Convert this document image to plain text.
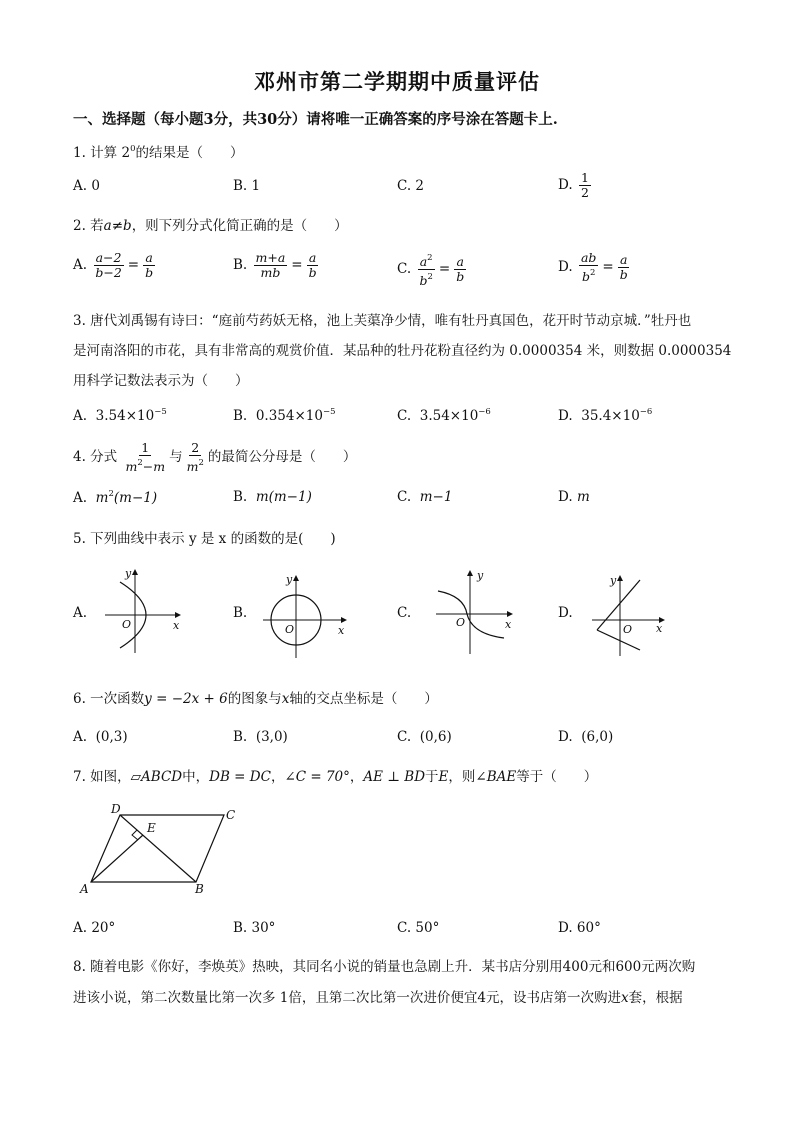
邓州市第二学期期中质量评估
一、选择题（每小题3分，共30分）请将唯一正确答案的序号涂在答题卡上.
1. 计算 $2^0$的结果是（　　）
A. 0	B. 1	C. 2	D. $\frac{1}{2}$
2. 若a≠b，则下列分式化简正确的是（　　）
A. $\frac{a-2}{b-2} = \frac{a}{b}$	B. $\frac{m+a}{mb} = \frac{a}{b}$	C. $\frac{a^2}{b^2} = \frac{a}{b}$	D. $\frac{ab}{b^2} = \frac{a}{b}$
3. 唐代刘禹锡有诗曰：“庭前芍药妖无格，池上芙蕖净少情，唯有牡丹真国色，花开时节动京城．”牡丹也
是河南洛阳的市花，具有非常高的观赏价值．某品种的牡丹花粉直径约为 0.0000354 米，则数据 0.0000354
用科学记数法表示为（　　）
A. $3.54\times 10^{-5}$	B. $0.354\times 10^{-5}$	C. $3.54\times 10^{-6}$	D. $35.4\times 10^{-6}$
4. 分式 $\frac{1}{m^2-m}$ 与 $\frac{2}{m^2}$ 的最简公分母是（　　）
A. $m^2(m-1)$	B. m(m−1)	C. m−1	D. m
5. 下列曲线中表示 y 是 x 的函数的是(　　)
A.	B.	C.	D.
x
y
O	x
y
O	x
y
O	x
y
O
6. 一次函数y = −2x + 6的图象与x轴的交点坐标是（　　）
A. (0,3)	B. (3,0)	C. (0,6)	D. (6,0)
7. 如图，▱ABCD中，DB = DC，∠C = 70°，AE ⊥ BD于E，则∠BAE等于（　　）
A	B
C
D
E
A. 20°	B. 30°	C. 50°	D. 60°
8. 随着电影《你好，李焕英》热映，其同名小说的销量也急剧上升．某书店分别用400元和600元两次购
进该小说，第二次数量比第一次多 1倍，且第二次比第一次进价便宜4元，设书店第一次购进x套，根据
